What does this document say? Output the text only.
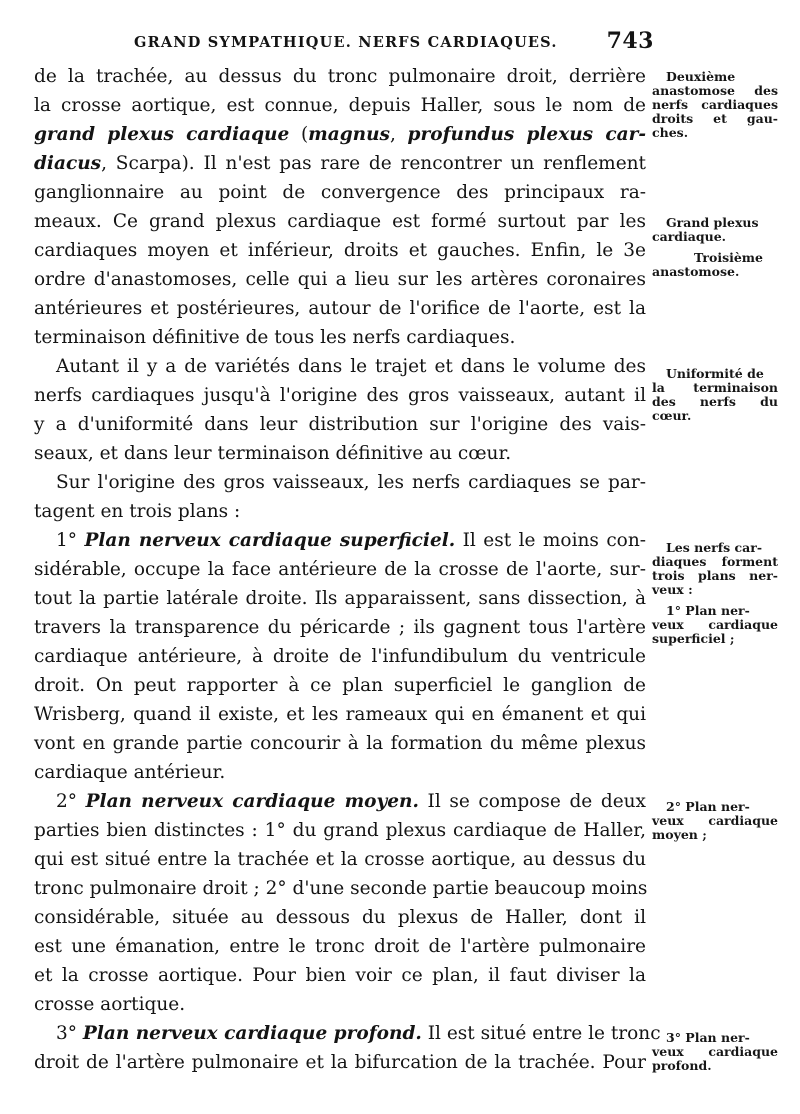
GRAND SYMPATHIQUE. NERFS CARDIAQUES. 743
de la trachée, au dessus du tronc pulmonaire droit, derrière
la crosse aortique, est connue, depuis Haller, sous le nom de
grand plexus cardiaque (magnus, profundus plexus car-
diacus, Scarpa). Il n'est pas rare de rencontrer un renflement
ganglionnaire au point de convergence des principaux ra-
meaux. Ce grand plexus cardiaque est formé surtout par les
cardiaques moyen et inférieur, droits et gauches. Enfin, le 3e
ordre d'anastomoses, celle qui a lieu sur les artères coronaires
antérieures et postérieures, autour de l'orifice de l'aorte, est la
terminaison définitive de tous les nerfs cardiaques.
Autant il y a de variétés dans le trajet et dans le volume des
nerfs cardiaques jusqu'à l'origine des gros vaisseaux, autant il
y a d'uniformité dans leur distribution sur l'origine des vais-
seaux, et dans leur terminaison définitive au cœur.
Sur l'origine des gros vaisseaux, les nerfs cardiaques se par-
tagent en trois plans :
1° Plan nerveux cardiaque superficiel. Il est le moins con-
sidérable, occupe la face antérieure de la crosse de l'aorte, sur-
tout la partie latérale droite. Ils apparaissent, sans dissection, à
travers la transparence du péricarde ; ils gagnent tous l'artère
cardiaque antérieure, à droite de l'infundibulum du ventricule
droit. On peut rapporter à ce plan superficiel le ganglion de
Wrisberg, quand il existe, et les rameaux qui en émanent et qui
vont en grande partie concourir à la formation du même plexus
cardiaque antérieur.
2° Plan nerveux cardiaque moyen. Il se compose de deux
parties bien distinctes : 1° du grand plexus cardiaque de Haller,
qui est situé entre la trachée et la crosse aortique, au dessus du
tronc pulmonaire droit ; 2° d'une seconde partie beaucoup moins
considérable, située au dessous du plexus de Haller, dont il
est une émanation, entre le tronc droit de l'artère pulmonaire
et la crosse aortique. Pour bien voir ce plan, il faut diviser la
crosse aortique.
3° Plan nerveux cardiaque profond. Il est situé entre le tronc
droit de l'artère pulmonaire et la bifurcation de la trachée. Pour
Deuxième
anastomose des
nerfs cardiaques
droits et gau-
ches.
Grand plexus
cardiaque.
Troisième
anastomose.
Uniformité de
la terminaison
des nerfs du
cœur.
Les nerfs car-
diaques forment
trois plans ner-
veux :
1° Plan ner-
veux cardiaque
superficiel ;
2° Plan ner-
veux cardiaque
moyen ;
3° Plan ner-
veux cardiaque
profond.
